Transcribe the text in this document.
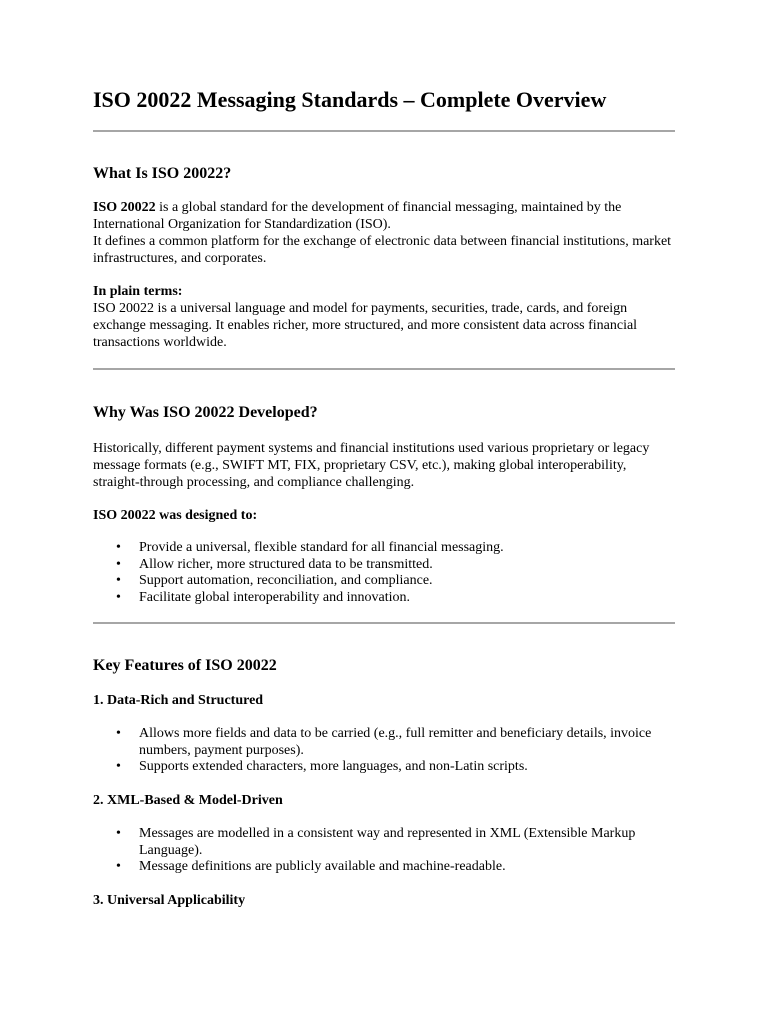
ISO 20022 Messaging Standards – Complete Overview
What Is ISO 20022?

ISO 20022 is a global standard for the development of financial messaging, maintained by the International Organization for Standardization (ISO).
It defines a common platform for the exchange of electronic data between financial institutions, market infrastructures, and corporates.

In plain terms:
ISO 20022 is a universal language and model for payments, securities, trade, cards, and foreign exchange messaging. It enables richer, more structured, and more consistent data across financial transactions worldwide.

Why Was ISO 20022 Developed?

Historically, different payment systems and financial institutions used various proprietary or legacy message formats (e.g., SWIFT MT, FIX, proprietary CSV, etc.), making global interoperability, straight-through processing, and compliance challenging.

ISO 20022 was designed to:

• Provide a universal, flexible standard for all financial messaging.
• Allow richer, more structured data to be transmitted.
• Support automation, reconciliation, and compliance.
• Facilitate global interoperability and innovation.
Key Features of ISO 20022
1. Data-Rich and Structured
• Allows more fields and data to be carried (e.g., full remitter and beneficiary details, invoice numbers, payment purposes).
• Supports extended characters, more languages, and non-Latin scripts.
2. XML-Based & Model-Driven
• Messages are modelled in a consistent way and represented in XML (Extensible Markup Language).
• Message definitions are publicly available and machine-readable.
3. Universal Applicability
